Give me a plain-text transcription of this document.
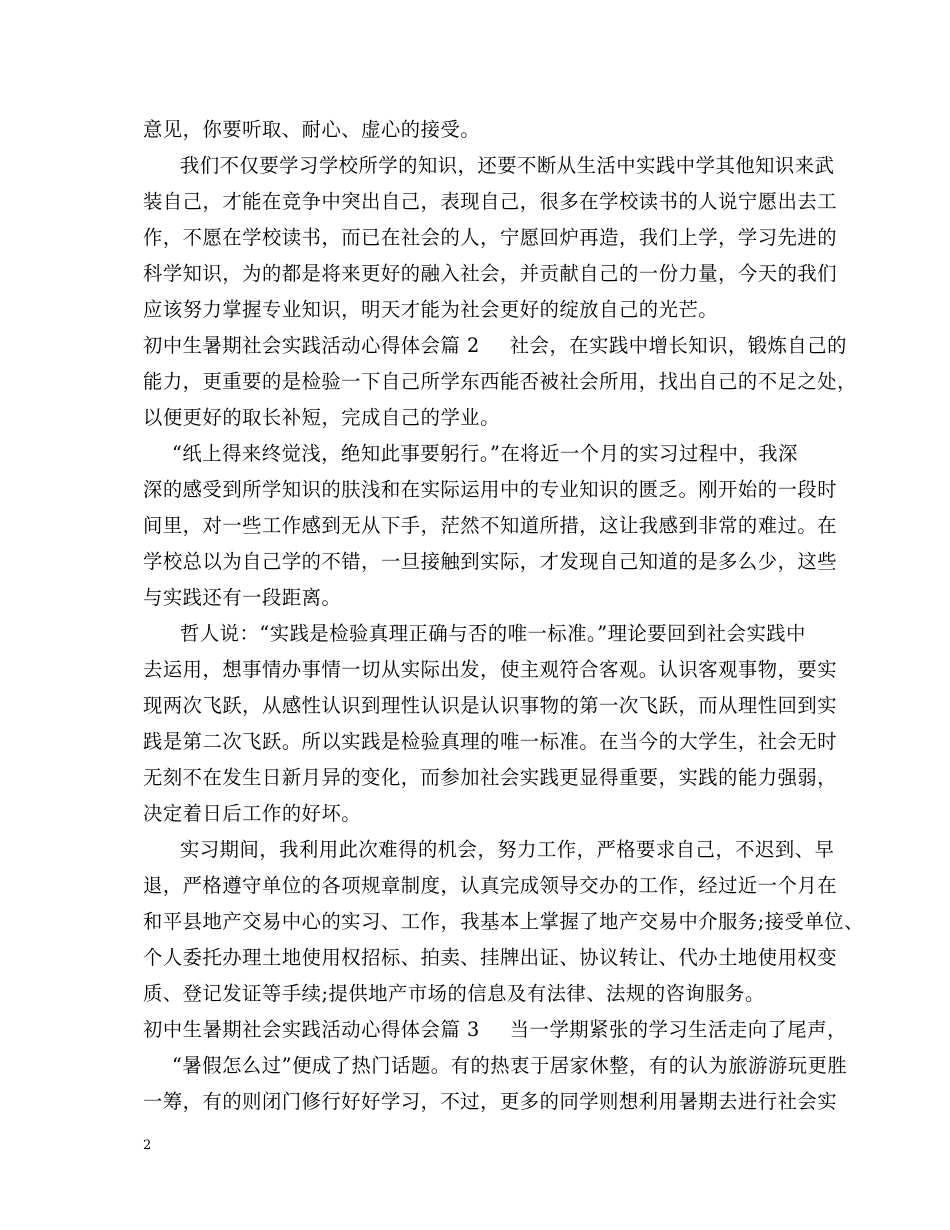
意见，你要听取、耐心、虚心的接受。
我们不仅要学习学校所学的知识，还要不断从生活中实践中学其他知识来武
装自己，才能在竞争中突出自己，表现自己，很多在学校读书的人说宁愿出去工
作，不愿在学校读书，而已在社会的人，宁愿回炉再造，我们上学，学习先进的
科学知识，为的都是将来更好的融入社会，并贡献自己的一份力量，今天的我们
应该努力掌握专业知识，明天才能为社会更好的绽放自己的光芒。
初中生暑期社会实践活动心得体会篇 2 社会，在实践中增长知识，锻炼自己的
能力，更重要的是检验一下自己所学东西能否被社会所用，找出自己的不足之处，
以便更好的取长补短，完成自己的学业。
“纸上得来终觉浅，绝知此事要躬行。”在将近一个月的实习过程中，我深
深的感受到所学知识的肤浅和在实际运用中的专业知识的匮乏。刚开始的一段时
间里，对一些工作感到无从下手，茫然不知道所措，这让我感到非常的难过。在
学校总以为自己学的不错，一旦接触到实际，才发现自己知道的是多么少，这些
与实践还有一段距离。
哲人说：“实践是检验真理正确与否的唯一标准。”理论要回到社会实践中
去运用，想事情办事情一切从实际出发，使主观符合客观。认识客观事物，要实
现两次飞跃，从感性认识到理性认识是认识事物的第一次飞跃，而从理性回到实
践是第二次飞跃。所以实践是检验真理的唯一标准。在当今的大学生，社会无时
无刻不在发生日新月异的变化，而参加社会实践更显得重要，实践的能力强弱，
决定着日后工作的好坏。
实习期间，我利用此次难得的机会，努力工作，严格要求自己，不迟到、早
退，严格遵守单位的各项规章制度，认真完成领导交办的工作，经过近一个月在
和平县地产交易中心的实习、工作，我基本上掌握了地产交易中介服务;接受单位、
个人委托办理土地使用权招标、拍卖、挂牌出证、协议转让、代办土地使用权变
质、登记发证等手续;提供地产市场的信息及有法律、法规的咨询服务。
初中生暑期社会实践活动心得体会篇 3 当一学期紧张的学习生活走向了尾声，
“暑假怎么过”便成了热门话题。有的热衷于居家休整，有的认为旅游游玩更胜
一筹，有的则闭门修行好好学习，不过，更多的同学则想利用暑期去进行社会实
2
